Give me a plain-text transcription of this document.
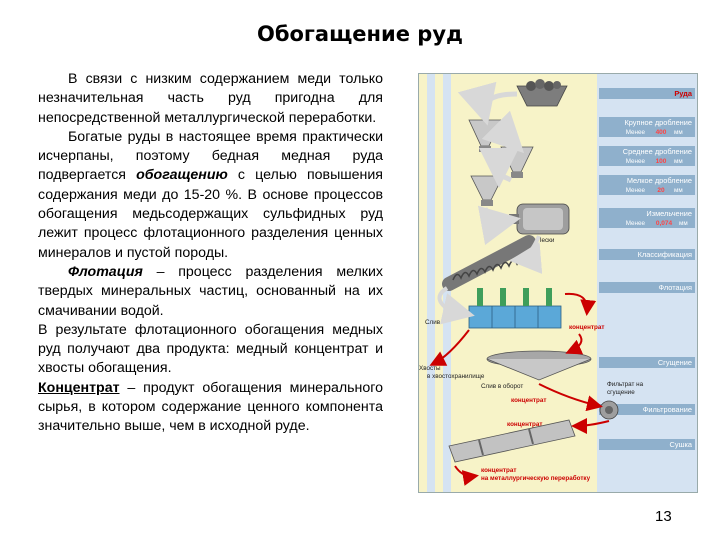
Обогащение руд

В связи с низким содержанием меди только незначительная часть руд пригодна для непосредственной металлургической переработки.

Богатые руды в настоящее время практически исчерпаны, поэтому бедная медная руда подвергается обогащению с целью повышения содержания меди до 15-20 %. В основе процессов обогащения медьсодержащих сульфидных руд лежит процесс флотационного разделения ценных минералов и пустой породы.

Флотация – процесс разделения мелких твердых минеральных частиц, основанный на их смачивании водой.

В результате флотационного обогащения медных руд получают два продукта: медный концентрат и хвосты обогащения.

Концентрат – продукт обогащения минерального сырья, в котором содержание ценного компонента значительно выше, чем в исходной руде.

Руда
Крупное дробление
Менее 400 мм
Среднее дробление
Менее 100 мм
Мелкое дробление
Менее 20 мм
Измельчение
Менее 0,074 мм
Классификация
Флотация
Сгущение
Фильтрование
Сушка
Пески
Слив
концентрат
Хвосты
в хвостохранилище
Слив в оборот
концентрат
Фильтрат на
сгущение
концентрат
концентрат
на металлургическую переработку
13
